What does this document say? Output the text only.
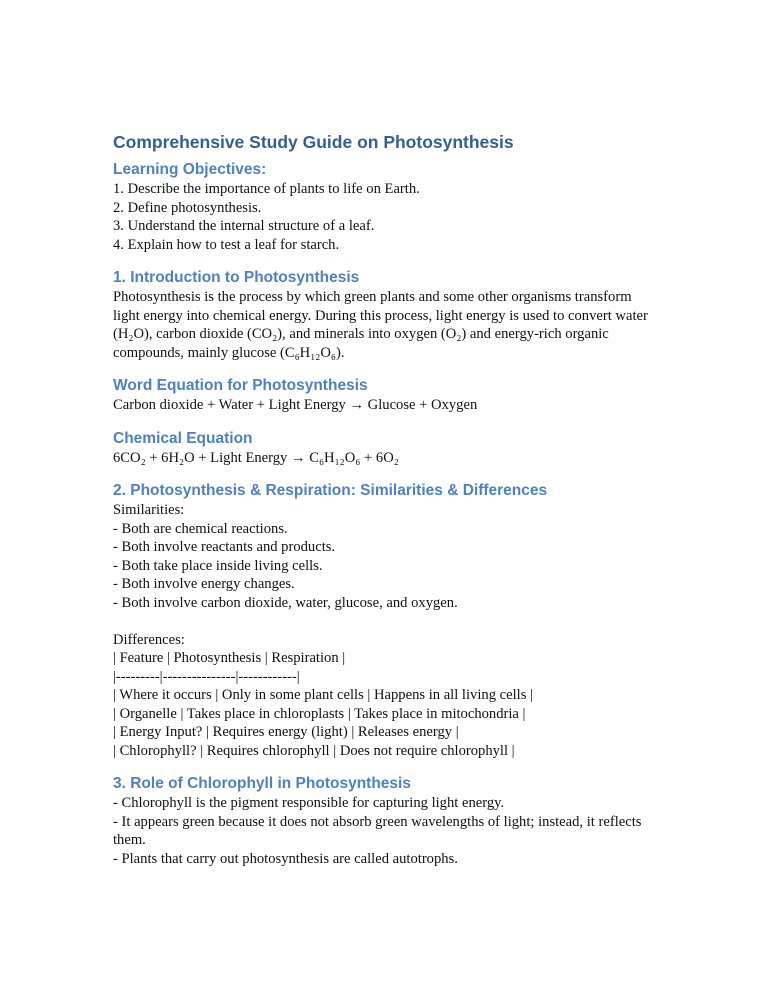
Comprehensive Study Guide on Photosynthesis
Learning Objectives:
1. Describe the importance of plants to life on Earth.
2. Define photosynthesis.
3. Understand the internal structure of a leaf.
4. Explain how to test a leaf for starch.
1. Introduction to Photosynthesis
Photosynthesis is the process by which green plants and some other organisms transform light energy into chemical energy. During this process, light energy is used to convert water (H₂O), carbon dioxide (CO₂), and minerals into oxygen (O₂) and energy-rich organic compounds, mainly glucose (C₆H₁₂O₆).
Word Equation for Photosynthesis
Carbon dioxide + Water + Light Energy → Glucose + Oxygen
Chemical Equation
6CO₂ + 6H₂O + Light Energy → C₆H₁₂O₆ + 6O₂
2. Photosynthesis & Respiration: Similarities & Differences
Similarities:
- Both are chemical reactions.
- Both involve reactants and products.
- Both take place inside living cells.
- Both involve energy changes.
- Both involve carbon dioxide, water, glucose, and oxygen.
Differences:
| Feature | Photosynthesis | Respiration |
|---------|---------------|------------|
| Where it occurs | Only in some plant cells | Happens in all living cells |
| Organelle | Takes place in chloroplasts | Takes place in mitochondria |
| Energy Input? | Requires energy (light) | Releases energy |
| Chlorophyll? | Requires chlorophyll | Does not require chlorophyll |
3. Role of Chlorophyll in Photosynthesis
- Chlorophyll is the pigment responsible for capturing light energy.
- It appears green because it does not absorb green wavelengths of light; instead, it reflects them.
- Plants that carry out photosynthesis are called autotrophs.
